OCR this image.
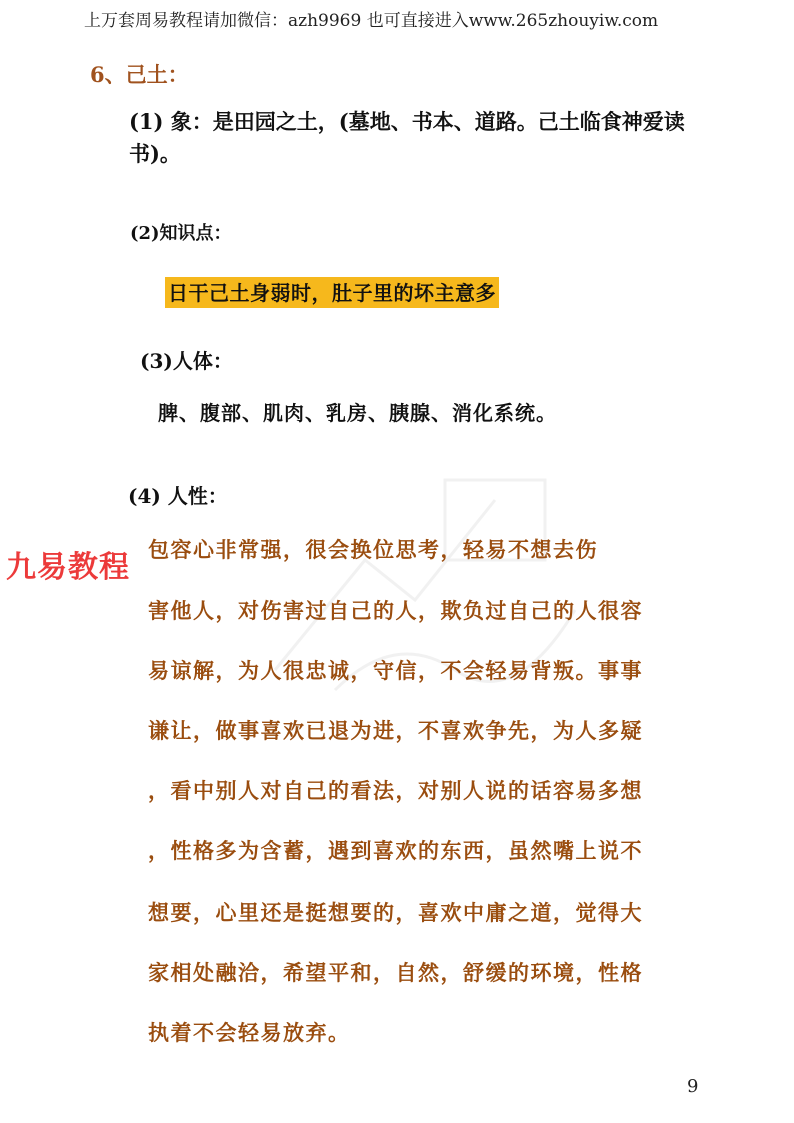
上万套周易教程请加微信：azh9969 也可直接进入www.265zhouyiw.com
6、己土：
(1) 象：是田园之土，(墓地、书本、道路。己土临食神爱读书)。
(2)知识点：
日干己土身弱时，肚子里的坏主意多
(3)人体：
脾、腹部、肌肉、乳房、胰腺、消化系统。
(4) 人性：
九易教程
包容心非常强，很会换位思考，轻易不想去伤
害他人，对伤害过自己的人，欺负过自己的人很容
易谅解，为人很忠诚，守信，不会轻易背叛。事事
谦让，做事喜欢已退为进，不喜欢争先，为人多疑
，看中别人对自己的看法，对别人说的话容易多想
，性格多为含蓄，遇到喜欢的东西，虽然嘴上说不
想要，心里还是挺想要的，喜欢中庸之道，觉得大
家相处融洽，希望平和，自然，舒缓的环境，性格
执着不会轻易放弃。
9
